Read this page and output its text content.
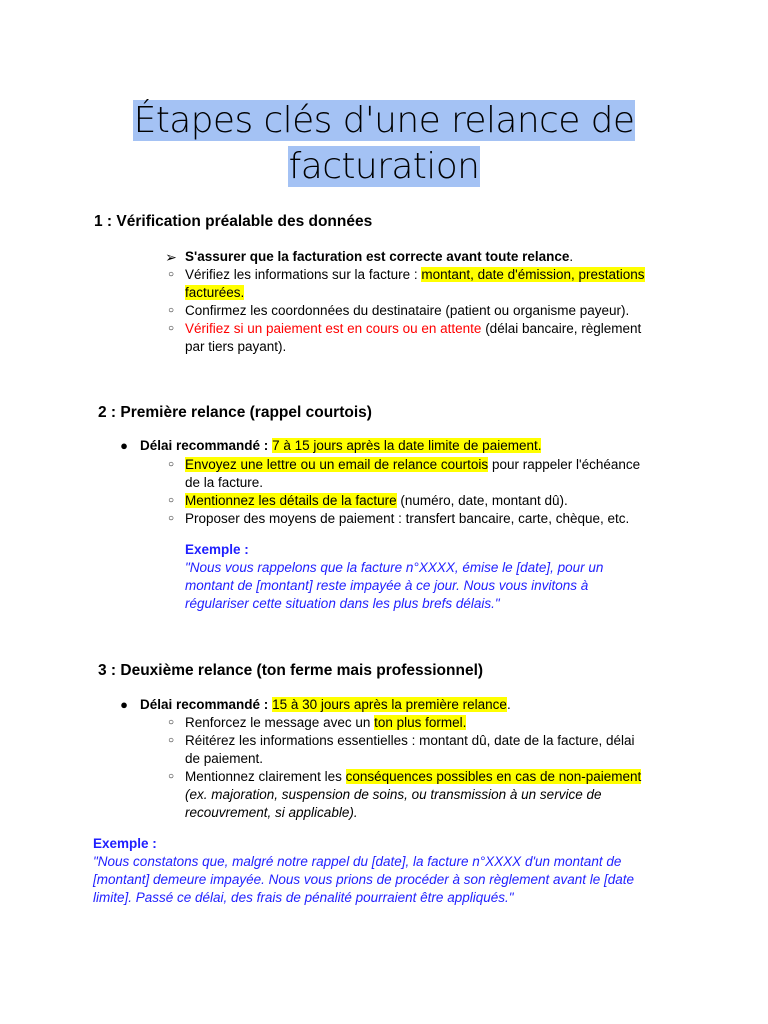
Étapes clés d'une relance de
facturation
1 : Vérification préalable des données
➢ S'assurer que la facturation est correcte avant toute relance.
○ Vérifiez les informations sur la facture : montant, date d'émission, prestations
facturées.
○ Confirmez les coordonnées du destinataire (patient ou organisme payeur).
○ Vérifiez si un paiement est en cours ou en attente (délai bancaire, règlement
par tiers payant).
2 : Première relance (rappel courtois)
● Délai recommandé : 7 à 15 jours après la date limite de paiement.
○ Envoyez une lettre ou un email de relance courtois pour rappeler l'échéance
de la facture.
○ Mentionnez les détails de la facture (numéro, date, montant dû).
○ Proposer des moyens de paiement : transfert bancaire, carte, chèque, etc.
Exemple :
"Nous vous rappelons que la facture n°XXXX, émise le [date], pour un
montant de [montant] reste impayée à ce jour. Nous vous invitons à
régulariser cette situation dans les plus brefs délais."
3 : Deuxième relance (ton ferme mais professionnel)
● Délai recommandé : 15 à 30 jours après la première relance.
○ Renforcez le message avec un ton plus formel.
○ Réitérez les informations essentielles : montant dû, date de la facture, délai
de paiement.
○ Mentionnez clairement les conséquences possibles en cas de non-paiement
(ex. majoration, suspension de soins, ou transmission à un service de
recouvrement, si applicable).
Exemple :
"Nous constatons que, malgré notre rappel du [date], la facture n°XXXX d'un montant de
[montant] demeure impayée. Nous vous prions de procéder à son règlement avant le [date
limite]. Passé ce délai, des frais de pénalité pourraient être appliqués."
